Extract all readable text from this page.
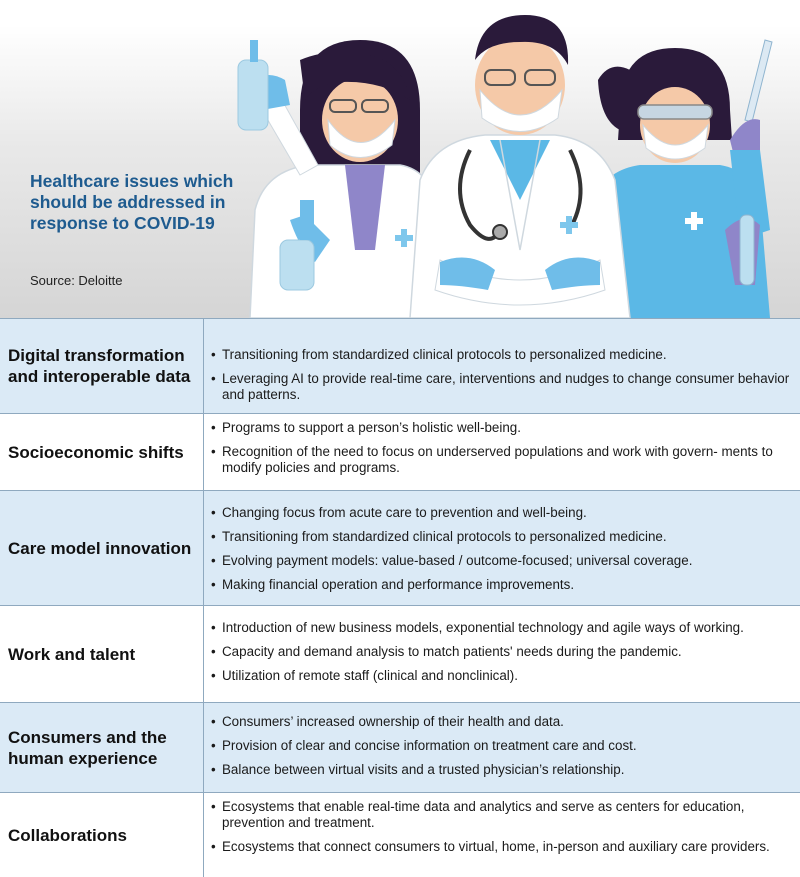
Healthcare issues which should be addressed in response to COVID-19
Source: Deloitte
Digital transformation and interoperable data
• Transitioning from standardized clinical protocols to personalized medicine.
• Leveraging AI to provide real-time care, interventions and nudges to change consumer behavior and patterns.
Socioeconomic shifts
• Programs to support a person’s holistic well-being.
• Recognition of the need to focus on underserved populations and work with govern- ments to modify policies and programs.
Care model innovation
• Changing focus from acute care to prevention and well-being.
• Transitioning from standardized clinical protocols to personalized medicine.
• Evolving payment models: value-based / outcome-focused; universal coverage.
• Making financial operation and performance improvements.
Work and talent
• Introduction of new business models, exponential technology and agile ways of working.
• Capacity and demand analysis to match patients' needs during the pandemic.
• Utilization of remote staff (clinical and nonclinical).
Consumers and the human experience
• Consumers’ increased ownership of their health and data.
• Provision of clear and concise information on treatment care and cost.
• Balance between virtual visits and a trusted physician’s relationship.
Collaborations
• Ecosystems that enable real-time data and analytics and serve as centers for education, prevention and treatment.
• Ecosystems that connect consumers to virtual, home, in-person and auxiliary care providers.
